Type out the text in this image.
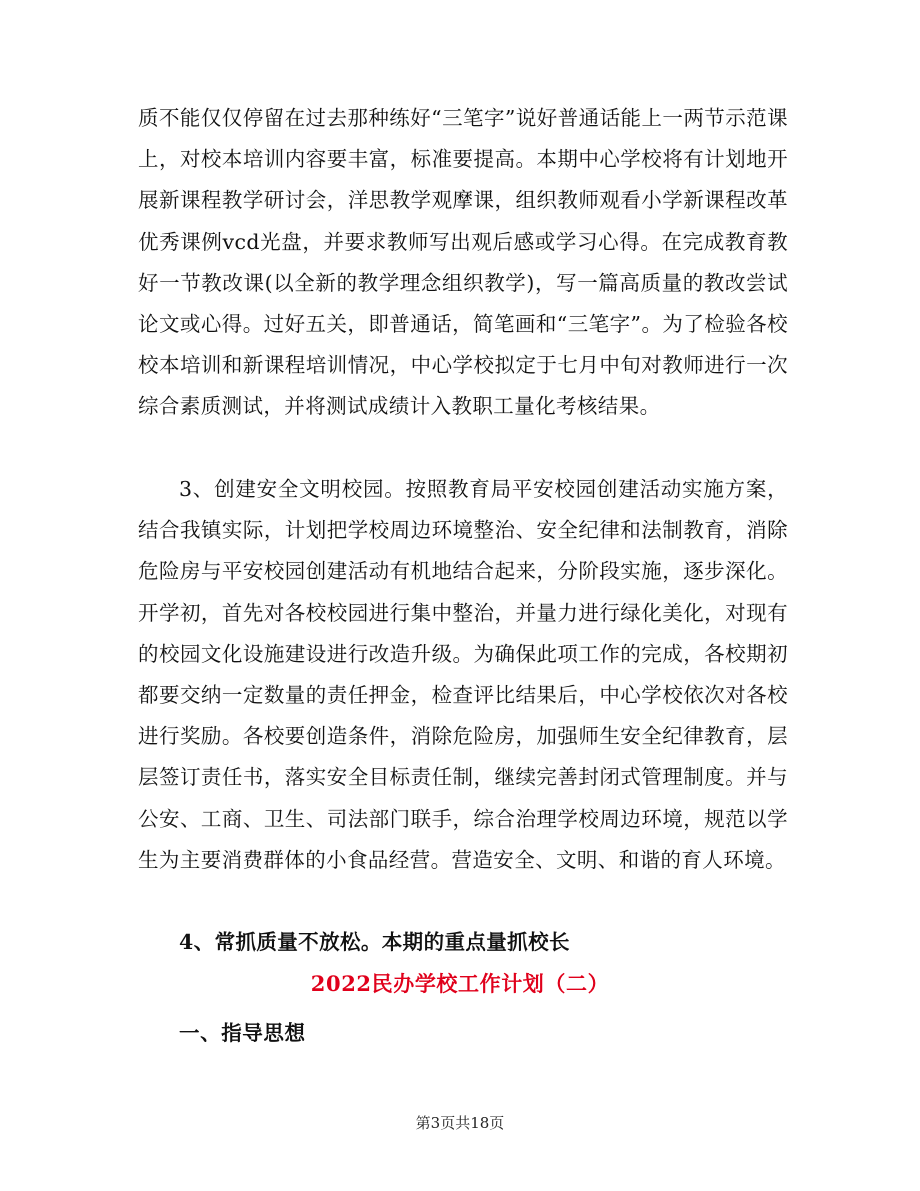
质不能仅仅停留在过去那种练好“三笔字”说好普通话能上一两节示范课上，对校本培训内容要丰富，标准要提高。本期中心学校将有计划地开展新课程教学研讨会，洋思教学观摩课，组织教师观看小学新课程改革优秀课例vcd光盘，并要求教师写出观后感或学习心得。在完成教育教好一节教改课(以全新的教学理念组织教学)，写一篇高质量的教改尝试论文或心得。过好五关，即普通话，简笔画和“三笔字”。为了检验各校校本培训和新课程培训情况，中心学校拟定于七月中旬对教师进行一次综合素质测试，并将测试成绩计入教职工量化考核结果。

3、创建安全文明校园。按照教育局平安校园创建活动实施方案，结合我镇实际，计划把学校周边环境整治、安全纪律和法制教育，消除危险房与平安校园创建活动有机地结合起来，分阶段实施，逐步深化。开学初，首先对各校校园进行集中整治，并量力进行绿化美化，对现有的校园文化设施建设进行改造升级。为确保此项工作的完成，各校期初都要交纳一定数量的责任押金，检查评比结果后，中心学校依次对各校进行奖励。各校要创造条件，消除危险房，加强师生安全纪律教育，层层签订责任书，落实安全目标责任制，继续完善封闭式管理制度。并与公安、工商、卫生、司法部门联手，综合治理学校周边环境，规范以学生为主要消费群体的小食品经营。营造安全、文明、和谐的育人环境。

4、常抓质量不放松。本期的重点量抓校长

2022民办学校工作计划（二）
一、指导思想
第3页共18页
